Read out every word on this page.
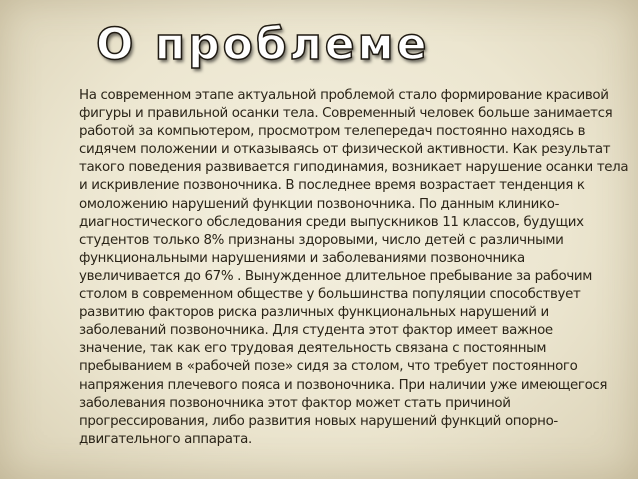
О проблеме

На современном этапе актуальной проблемой стало формирование красивой
фигуры и правильной осанки тела. Современный человек больше занимается
работой за компьютером, просмотром телепередач постоянно находясь в
сидячем положении и отказываясь от физической активности. Как результат
такого поведения развивается гиподинамия, возникает нарушение осанки тела
и искривление позвоночника. В последнее время возрастает тенденция к
омоложению нарушений функции позвоночника. По данным клинико-
диагностического обследования среди выпускников 11 классов, будущих
студентов только 8% признаны здоровыми, число детей с различными
функциональными нарушениями и заболеваниями позвоночника
увеличивается до 67% . Вынужденное длительное пребывание за рабочим
столом в современном обществе у большинства популяции способствует
развитию факторов риска различных функциональных нарушений и
заболеваний позвоночника. Для студента этот фактор имеет важное
значение, так как его трудовая деятельность связана с постоянным
пребыванием в «рабочей позе» сидя за столом, что требует постоянного
напряжения плечевого пояса и позвоночника. При наличии уже имеющегося
заболевания позвоночника этот фактор может стать причиной
прогрессирования, либо развития новых нарушений функций опорно-
двигательного аппарата.
